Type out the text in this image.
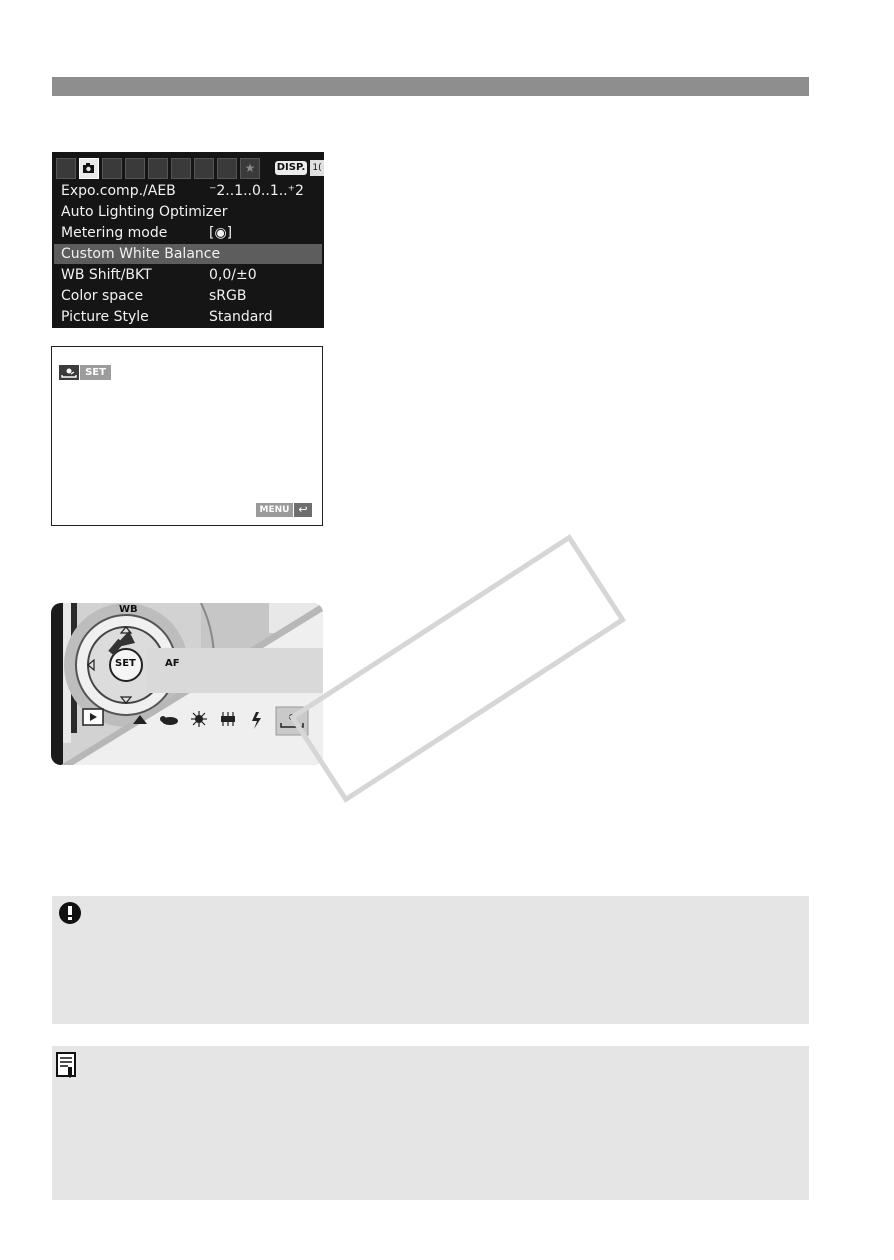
★	DISP. 1(
Expo.comp./AEB ⁻2..1..0..1..⁺2
Auto Lighting Optimizer
Metering mode	[◉]
Custom White Balance
WB Shift/BKT	0,0/±0
Color space	sRGB
Picture Style	Standard
SET
MENU ↩
WB
SET	AF
